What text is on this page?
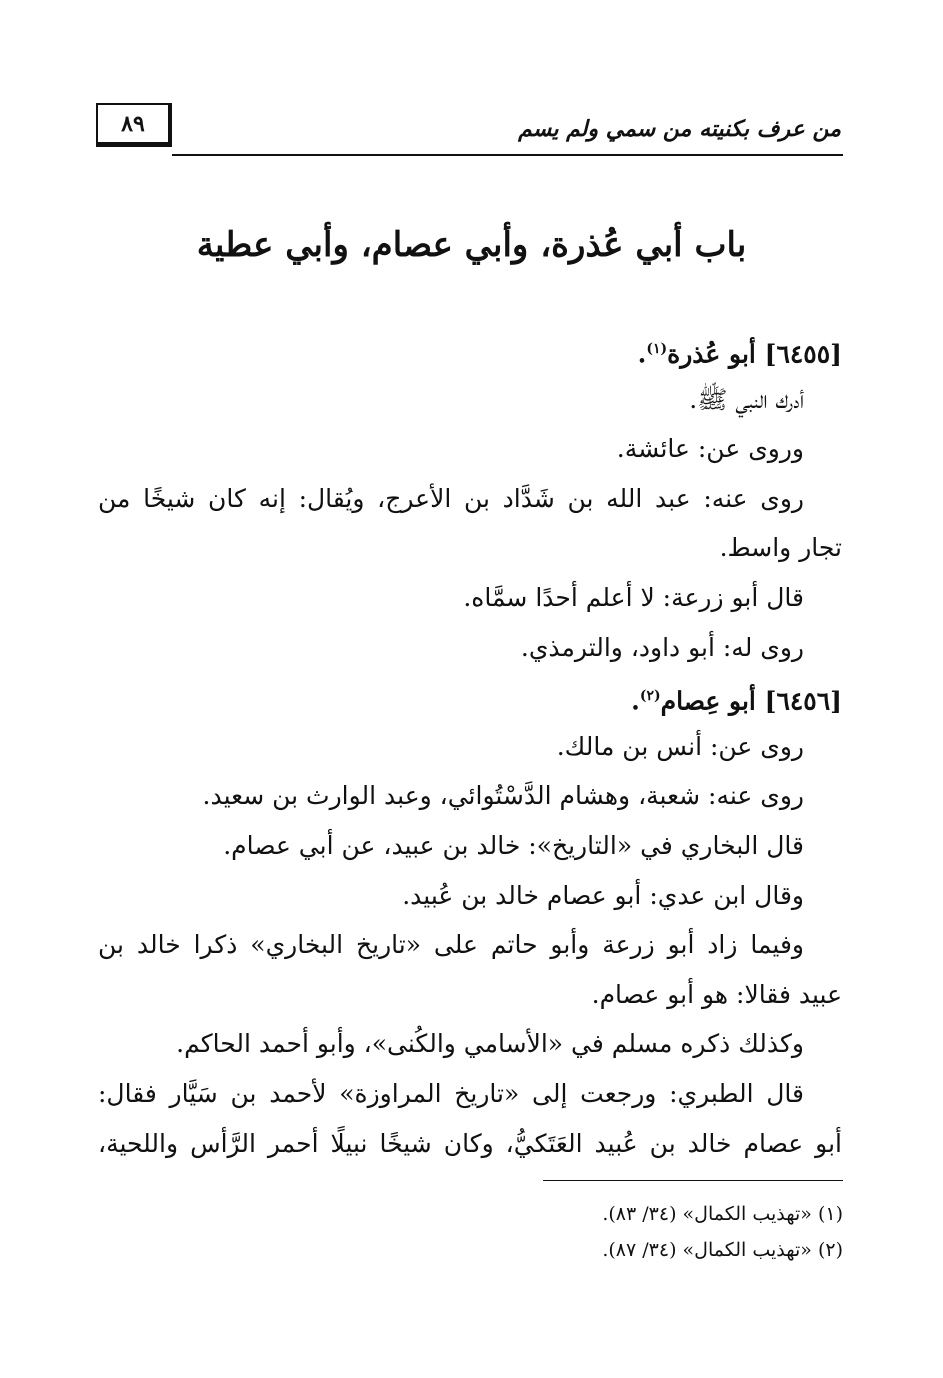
٨٩	من عرف بكنيته من سمي ولم يسم
باب أبي عُذرة، وأبي عصام، وأبي عطية
[٦٤٥٥] أبو عُذرة$^{(١)}$.
أدرك النبي ﷺ.
وروى عن: عائشة.
روى عنه: عبد الله بن شَدَّاد بن الأعرج، ويُقال: إنه كان شيخًا من
تجار واسط.
قال أبو زرعة: لا أعلم أحدًا سمَّاه.
روى له: أبو داود، والترمذي.
[٦٤٥٦] أبو عِصام$^{(٢)}$.
روى عن: أنس بن مالك.
روى عنه: شعبة، وهشام الدَّسْتُوائي، وعبد الوارث بن سعيد.
قال البخاري في «التاريخ»: خالد بن عبيد، عن أبي عصام.
وقال ابن عدي: أبو عصام خالد بن عُبيد.
وفيما زاد أبو زرعة وأبو حاتم على «تاريخ البخاري» ذكرا خالد بن
عبيد فقالا: هو أبو عصام.
وكذلك ذكره مسلم في «الأسامي والكُنى»، وأبو أحمد الحاكم.
قال الطبري: ورجعت إلى «تاريخ المراوزة» لأحمد بن سَيَّار فقال:
أبو عصام خالد بن عُبيد العَتَكيُّ، وكان شيخًا نبيلًا أحمر الرَّأس واللحية،
(١) «تهذيب الكمال» (٣٤/ ٨٣).
(٢) «تهذيب الكمال» (٣٤/ ٨٧).
